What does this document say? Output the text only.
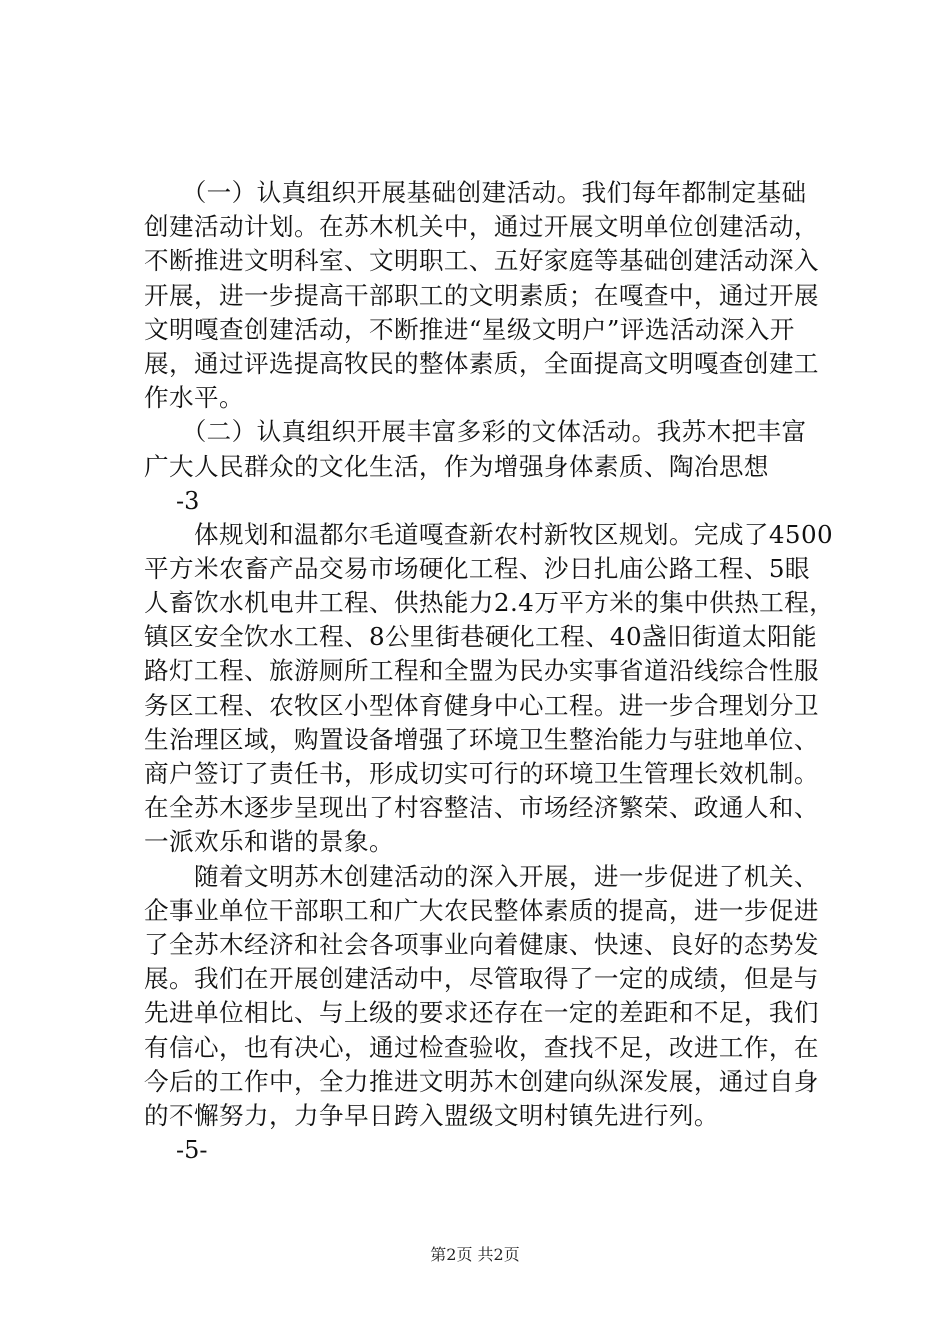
　　（一）认真组织开展基础创建活动。我们每年都制定基础
创建活动计划。在苏木机关中，通过开展文明单位创建活动，
不断推进文明科室、文明职工、五好家庭等基础创建活动深入
开展，进一步提高干部职工的文明素质；在嘎查中，通过开展
文明嘎查创建活动，不断推进“星级文明户”评选活动深入开
展，通过评选提高牧民的整体素质，全面提高文明嘎查创建工
作水平。
　　（二）认真组织开展丰富多彩的文体活动。我苏木把丰富
广大人民群众的文化生活，作为增强身体素质、陶冶思想
-3
　　体规划和温都尔毛道嘎查新农村新牧区规划。完成了4500
平方米农畜产品交易市场硬化工程、沙日扎庙公路工程、5眼
人畜饮水机电井工程、供热能力2.4万平方米的集中供热工程，
镇区安全饮水工程、8公里街巷硬化工程、40盏旧街道太阳能
路灯工程、旅游厕所工程和全盟为民办实事省道沿线综合性服
务区工程、农牧区小型体育健身中心工程。进一步合理划分卫
生治理区域，购置设备增强了环境卫生整治能力与驻地单位、
商户签订了责任书，形成切实可行的环境卫生管理长效机制。
在全苏木逐步呈现出了村容整洁、市场经济繁荣、政通人和、
一派欢乐和谐的景象。
　　随着文明苏木创建活动的深入开展，进一步促进了机关、
企事业单位干部职工和广大农民整体素质的提高，进一步促进
了全苏木经济和社会各项事业向着健康、快速、良好的态势发
展。我们在开展创建活动中，尽管取得了一定的成绩，但是与
先进单位相比、与上级的要求还存在一定的差距和不足，我们
有信心，也有决心，通过检查验收，查找不足，改进工作，在
今后的工作中，全力推进文明苏木创建向纵深发展，通过自身
的不懈努力，力争早日跨入盟级文明村镇先进行列。
-5-
第2页 共2页
